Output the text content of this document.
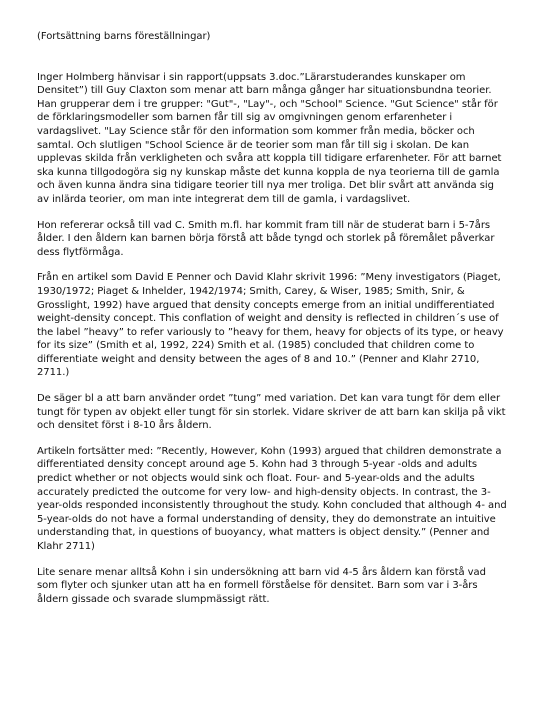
(Fortsättning barns föreställningar)

Inger Holmberg hänvisar i sin rapport(uppsats 3.doc.”Lärarstuderandes kunskaper om Densitet”) till Guy Claxton som menar att barn många gånger har situationsbundna teorier. Han grupperar dem i tre grupper: "Gut"-, "Lay"-, och "School" Science. "Gut Science" står för de förklaringsmodeller som barnen får till sig av omgivningen genom erfarenheter i vardagslivet. "Lay Science står för den information som kommer från media, böcker och samtal. Och slutligen "School Science är de teorier som man får till sig i skolan. De kan upplevas skilda från verkligheten och svåra att koppla till tidigare erfarenheter. För att barnet ska kunna tillgodogöra sig ny kunskap måste det kunna koppla de nya teorierna till de gamla och även kunna ändra sina tidigare teorier till nya mer troliga. Det blir svårt att använda sig av inlärda teorier, om man inte integrerat dem till de gamla, i vardagslivet.

Hon refererar också till vad C. Smith m.fl. har kommit fram till när de studerat barn i 5-7års ålder. I den åldern kan barnen börja förstå att både tyngd och storlek på föremålet påverkar dess flytförmåga.

Från en artikel som David E Penner och David Klahr skrivit 1996: ”Meny investigators (Piaget, 1930/1972; Piaget & Inhelder, 1942/1974; Smith, Carey, & Wiser, 1985; Smith, Snir, & Grosslight, 1992) have argued that density concepts emerge from an initial undifferentiated weight-density concept. This conflation of weight and density is reflected in children´s use of the label ”heavy” to refer variously to ”heavy for them, heavy for objects of its type, or heavy for its size” (Smith et al, 1992, 224) Smith et al. (1985) concluded that children come to differentiate weight and density between the ages of 8 and 10.” (Penner and Klahr 2710, 2711.)

De säger bl a att barn använder ordet ”tung” med variation. Det kan vara tungt för dem eller tungt för typen av objekt eller tungt för sin storlek. Vidare skriver de att barn kan skilja på vikt och densitet först i 8-10 års åldern.

Artikeln fortsätter med: ”Recently, However, Kohn (1993) argued that children demonstrate a differentiated density concept around age 5. Kohn had 3 through 5-year -olds and adults predict whether or not objects would sink och float. Four- and 5-year-olds and the adults accurately predicted the outcome for very low- and high-density objects. In contrast, the 3-year-olds responded inconsistently throughout the study. Kohn concluded that although 4- and 5-year-olds do not have a formal understanding of density, they do demonstrate an intuitive understanding that, in questions of buoyancy, what matters is object density.” (Penner and Klahr 2711)

Lite senare menar alltså Kohn i sin undersökning att barn vid 4-5 års åldern kan förstå vad som flyter och sjunker utan att ha en formell förståelse för densitet. Barn som var i 3-års åldern gissade och svarade slumpmässigt rätt.
